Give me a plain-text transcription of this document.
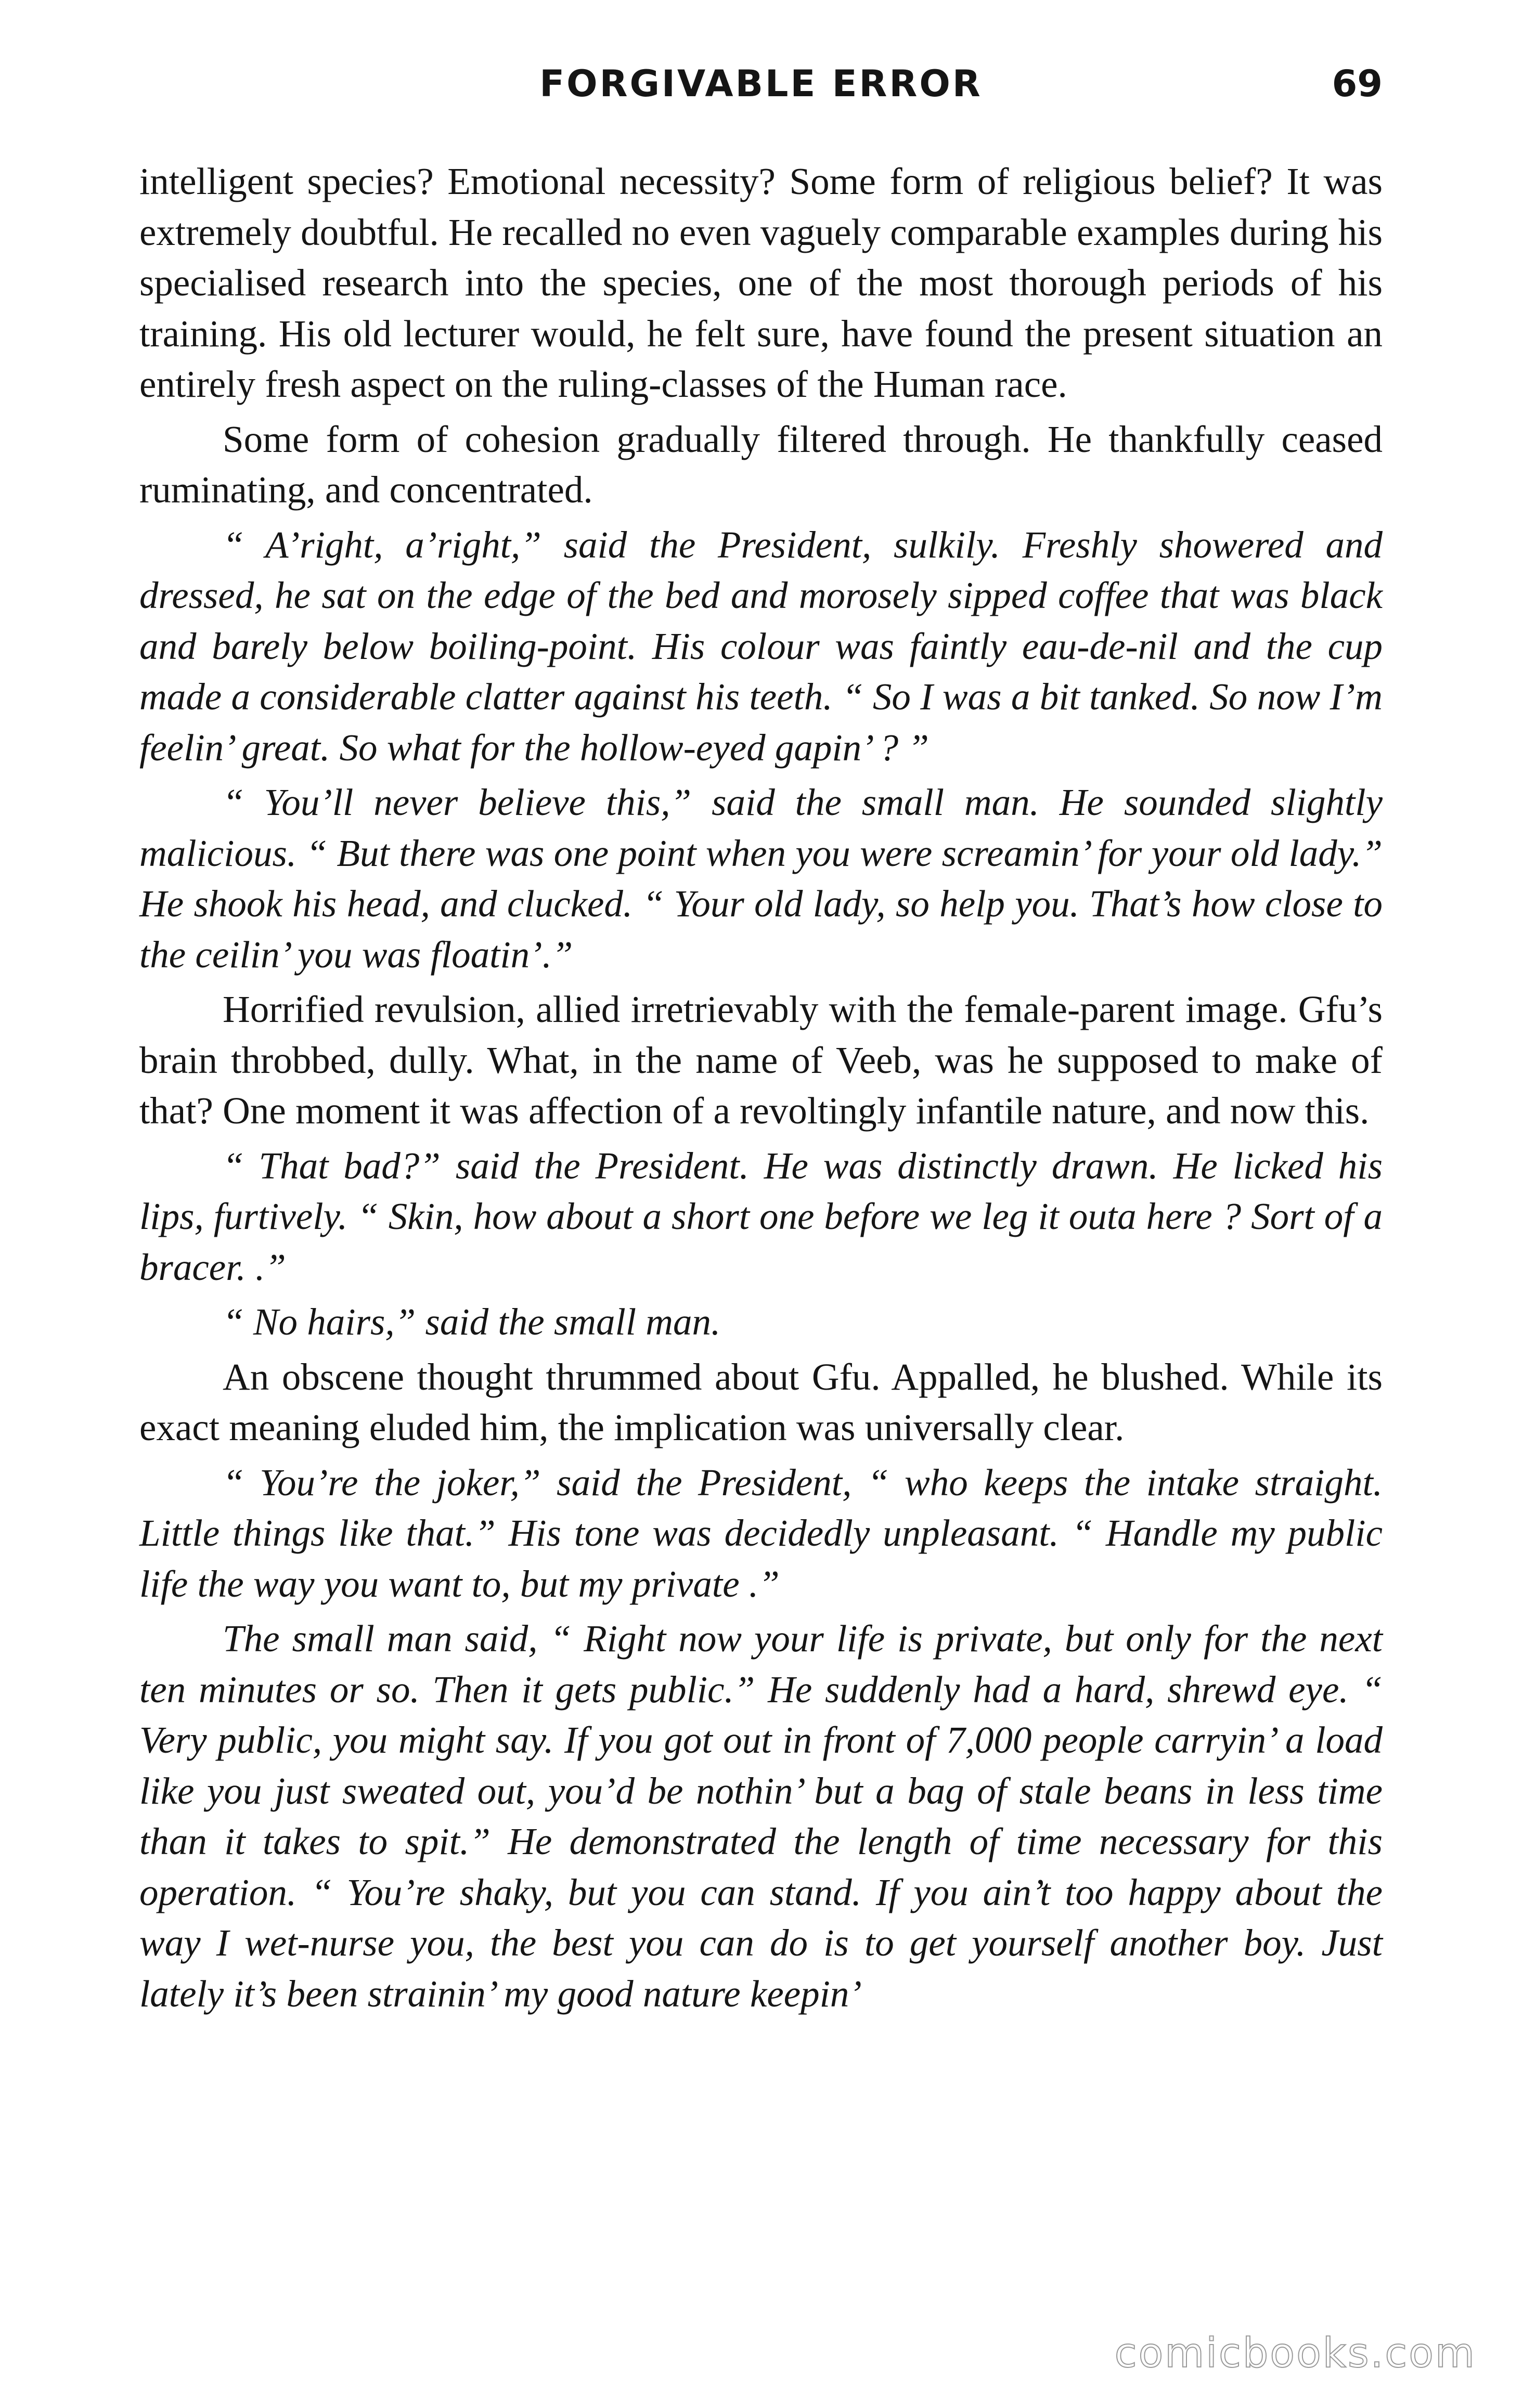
FORGIVABLE ERROR	69

intelligent species? Emotional necessity? Some form of religious belief? It was extremely doubtful. He recalled no even vaguely comparable examples during his specialised research into the species, one of the most thorough periods of his training. His old lecturer would, he felt sure, have found the present situation an entirely fresh aspect on the ruling-classes of the Human race.

Some form of cohesion gradually filtered through. He thankfully ceased ruminating, and concentrated.

“ A’right, a’right,” said the President, sulkily. Freshly showered and dressed, he sat on the edge of the bed and morosely sipped coffee that was black and barely below boiling-point. His colour was faintly eau-de-nil and the cup made a considerable clatter against his teeth. “ So I was a bit tanked. So now I’m feelin’ great. So what for the hollow-eyed gapin’ ? ”

“ You’ll never believe this,” said the small man. He sounded slightly malicious. “ But there was one point when you were screamin’ for your old lady.” He shook his head, and clucked. “ Your old lady, so help you. That’s how close to the ceilin’ you was floatin’.”

Horrified revulsion, allied irretrievably with the female-parent image. Gfu’s brain throbbed, dully. What, in the name of Veeb, was he supposed to make of that? One moment it was affection of a revoltingly infantile nature, and now this.

“ That bad?” said the President. He was distinctly drawn. He licked his lips, furtively. “ Skin, how about a short one before we leg it outa here ? Sort of a bracer. .”

“ No hairs,” said the small man.

An obscene thought thrummed about Gfu. Appalled, he blushed. While its exact meaning eluded him, the implication was universally clear.

“ You’re the joker,” said the President, “ who keeps the intake straight. Little things like that.” His tone was decidedly unpleasant. “ Handle my public life the way you want to, but my private .”

The small man said, “ Right now your life is private, but only for the next ten minutes or so. Then it gets public.” He suddenly had a hard, shrewd eye. “ Very public, you might say. If you got out in front of 7,000 people carryin’ a load like you just sweated out, you’d be nothin’ but a bag of stale beans in less time than it takes to spit.” He demonstrated the length of time necessary for this operation. “ You’re shaky, but you can stand. If you ain’t too happy about the way I wet-nurse you, the best you can do is to get yourself another boy. Just lately it’s been strainin’ my good nature keepin’

comicbooks.com
